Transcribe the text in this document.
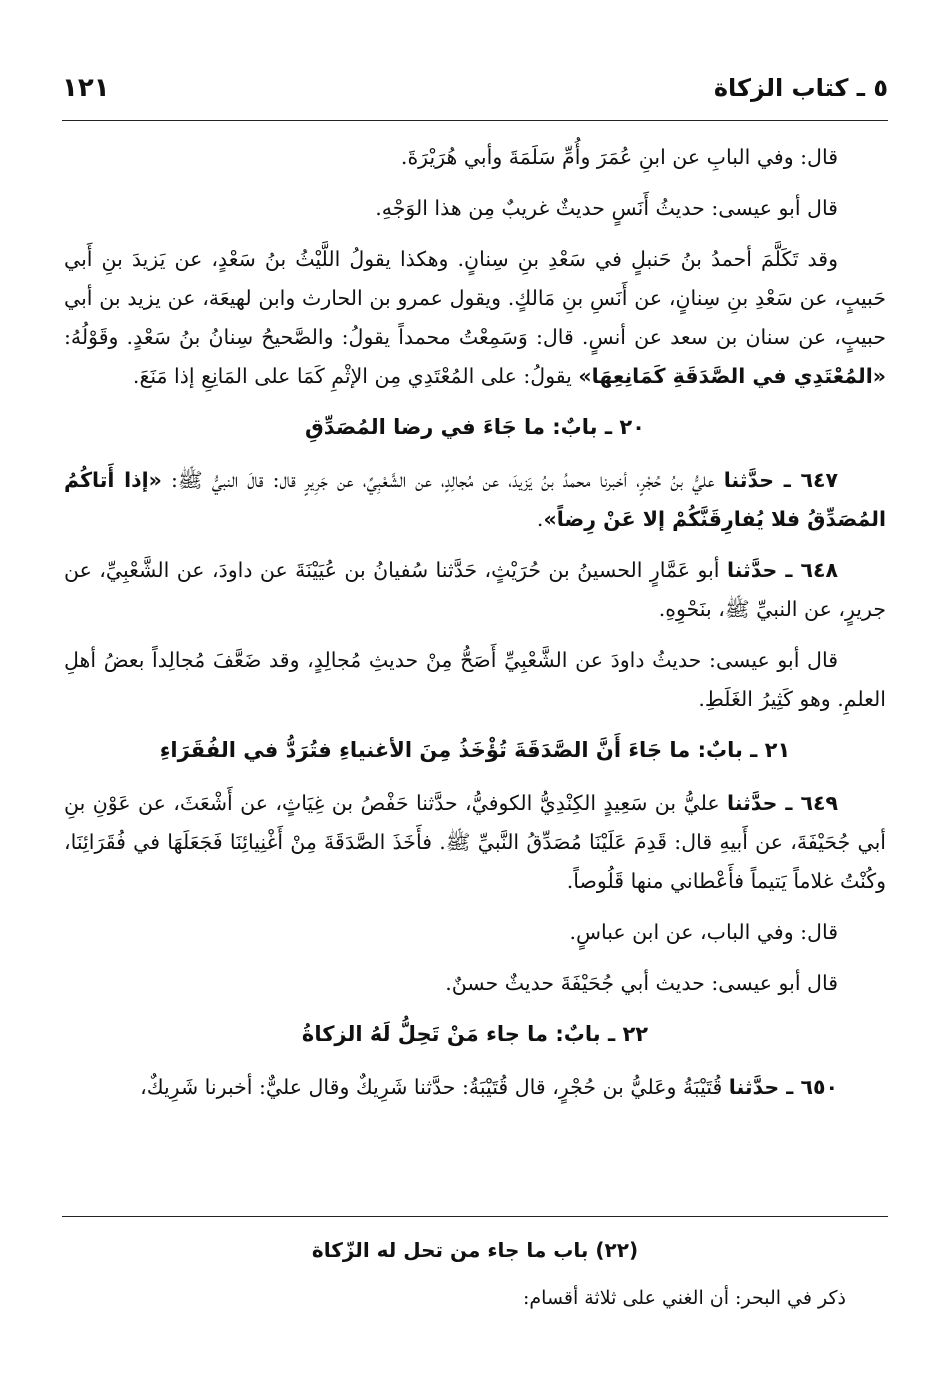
٥ ـ كتاب الزكاة
١٢١

قال: وفي البابِ عن ابنِ عُمَرَ وأُمِّ سَلَمَةَ وأبي هُرَيْرَةَ.

قال أبو عيسى: حديثُ أَنَسٍ حديثٌ غريبٌ مِن هذا الوَجْهِ.

وقد تَكَلَّمَ أحمدُ بنُ حَنبلٍ في سَعْدِ بنِ سِنانٍ. وهكذا يقولُ اللَّيْثُ بنُ سَعْدٍ، عن يَزيدَ بنِ أَبي حَبيبٍ، عن سَعْدِ بنِ سِنانٍ، عن أَنَسِ بنِ مَالكٍ. ويقول عمرو بن الحارث وابن لهيعَة، عن يزيد بن أبي حبيبٍ، عن سنان بن سعد عن أنسٍ. قال: وَسَمِعْتُ محمداً يقولُ: والصَّحيحُ سِنانُ بنُ سَعْدٍ. وقَوْلُهُ: «المُعْتَدِي في الصَّدَقَةِ كَمَانِعِهَا» يقولُ: على المُعْتَدِي مِن الإثْمِ كَمَا على المَانِعِ إذا مَنَعَ.

٢٠ ـ بابٌ: ما جَاءَ في رضا المُصَدِّقِ

٦٤٧ ـ حدَّثنا عليُّ بنُ حُجْرٍ، أخبرنا محمدُ بنُ يَزيدَ، عن مُجالِدٍ، عن الشَّعْبِيِّ، عن جَرِيرٍ قال: قالَ النبيُّ ﷺ: «إذا أَتاكُمُ المُصَدِّقُ فلا يُفارِقَنَّكُمْ إلا عَنْ رِضاً».

٦٤٨ ـ حدَّثنا أبو عَمَّارٍ الحسينُ بن حُرَيْثٍ، حَدَّثنا سُفيانُ بن عُيَيْنَةَ عن داودَ، عن الشَّعْبِيِّ، عن جريرٍ، عن النبيِّ ﷺ، بنَحْوِهِ.

قال أبو عيسى: حديثُ داودَ عن الشَّعْبِيِّ أَصَحُّ مِنْ حديثِ مُجالِدٍ، وقد ضَعَّفَ مُجالِداً بعضُ أهلِ العلمِ. وهو كَثِيرُ الغَلَطِ.

٢١ ـ بابٌ: ما جَاءَ أَنَّ الصَّدَقَةَ تُؤْخَذُ مِنَ الأغنياءِ فتُرَدُّ في الفُقَرَاءِ

٦٤٩ ـ حدَّثنا عليُّ بن سَعِيدٍ الكِنْدِيُّ الكوفيُّ، حدَّثنا حَفْصُ بن غِيَاثٍ، عن أَشْعَثَ، عن عَوْنِ بنِ أبي جُحَيْفَةَ، عن أَبيهِ قال: قَدِمَ عَلَيْنَا مُصَدِّقُ النَّبيِّ ﷺ. فأَخَذَ الصَّدَقَةَ مِنْ أَغْنِيائِنَا فَجَعَلَهَا في فُقَرَائِنَا، وكُنْتُ غلاماً يَتيماً فأَعْطاني منها قَلُوصاً.

قال: وفي الباب، عن ابن عباسٍ.

قال أبو عيسى: حديث أبي جُحَيْفَةَ حديثٌ حسنٌ.

٢٢ ـ بابٌ: ما جاء مَنْ تَحِلُّ لَهُ الزكاةُ

٦٥٠ ـ حدَّثنا قُتَيْبَةُ وعَليُّ بن حُجْرٍ، قال قُتَيْبَةُ: حدَّثنا شَرِيكٌ وقال عليٌّ: أخبرنا شَرِيكٌ،

(٢٢) باب ما جاء من تحل له الزّكاة

ذكر في البحر: أن الغني على ثلاثة أقسام:
